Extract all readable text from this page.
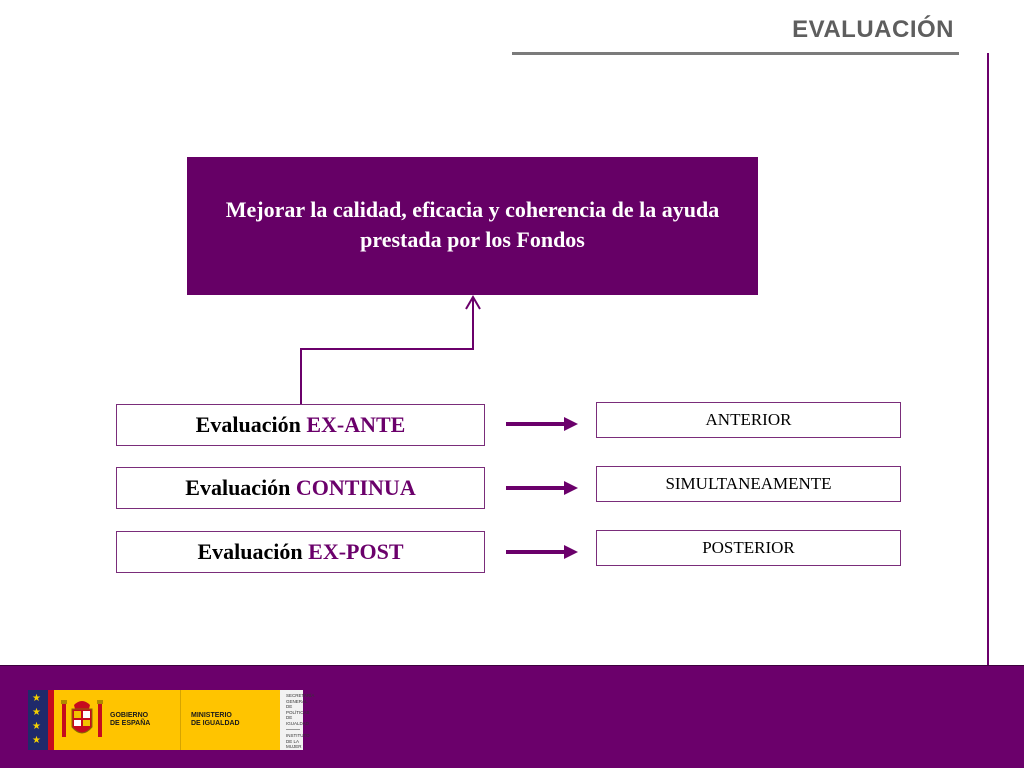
EVALUACIÓN
Mejorar la calidad, eficacia y coherencia de la ayuda prestada por los Fondos
Evaluación EX-ANTE	ANTERIOR
Evaluación CONTINUA	SIMULTANEAMENTE
Evaluación EX-POST	POSTERIOR
★
★
★
★
GOBIERNO
DE ESPAÑA
MINISTERIO
DE IGUALDAD
SECRETARÍA
GENERAL
DE POLÍTICAS
DE IGUALDAD
INSTITUTO
DE LA MUJER
